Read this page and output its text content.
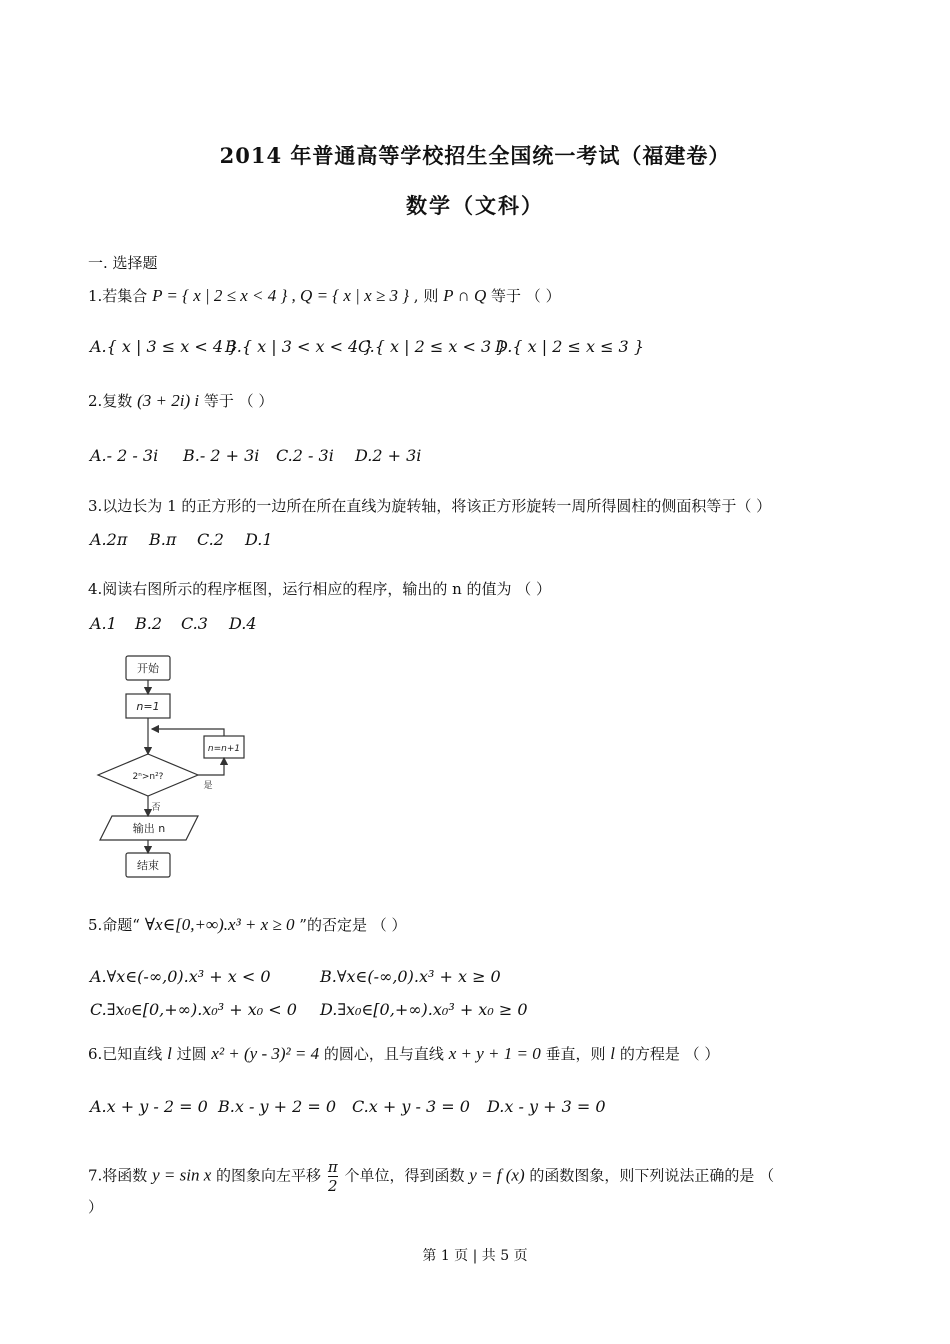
2014 年普通高等学校招生全国统一考试（福建卷）
数学（文科）
一. 选择题
1.若集合 P = { x | 2 ≤ x < 4 } , Q = { x | x ≥ 3 } , 则 P ∩ Q 等于 （ ）
A.{ x | 3 ≤ x < 4 }
B.{ x | 3 < x < 4 }
C.{ x | 2 ≤ x < 3 }
D.{ x | 2 ≤ x ≤ 3 }
2.复数 (3 + 2i) i 等于 （ ）
A.- 2 - 3i B.- 2 + 3i C.2 - 3i D.2 + 3i
3.以边长为 1 的正方形的一边所在所在直线为旋转轴，将该正方形旋转一周所得圆柱的侧面积等于（ ）
A.2π B.π C.2 D.1
4.阅读右图所示的程序框图，运行相应的程序，输出的 n 的值为 （ ）
A.1 B.2 C.3 D.4
开始
n=1
2ⁿ>n²?
n=n+1
是
否
输出 n
结束
5.命题“ ∀x∈[0,+∞).x³ + x ≥ 0 ”的否定是 （ ）
A.∀x∈(-∞,0).x³ + x < 0	B.∀x∈(-∞,0).x³ + x ≥ 0
C.∃x₀∈[0,+∞).x₀³ + x₀ < 0 D.∃x₀∈[0,+∞).x₀³ + x₀ ≥ 0
6.已知直线 l 过圆 x² + (y - 3)² = 4 的圆心，且与直线 x + y + 1 = 0 垂直，则 l 的方程是 （ ）
A.x + y - 2 = 0 B.x - y + 2 = 0 C.x + y - 3 = 0 D.x - y + 3 = 0
7.将函数 y = sin x 的图象向左平移 $\frac{\pi}{2}$ 个单位，得到函数 y = f (x) 的函数图象，则下列说法正确的是 （
）
第 1 页 | 共 5 页
